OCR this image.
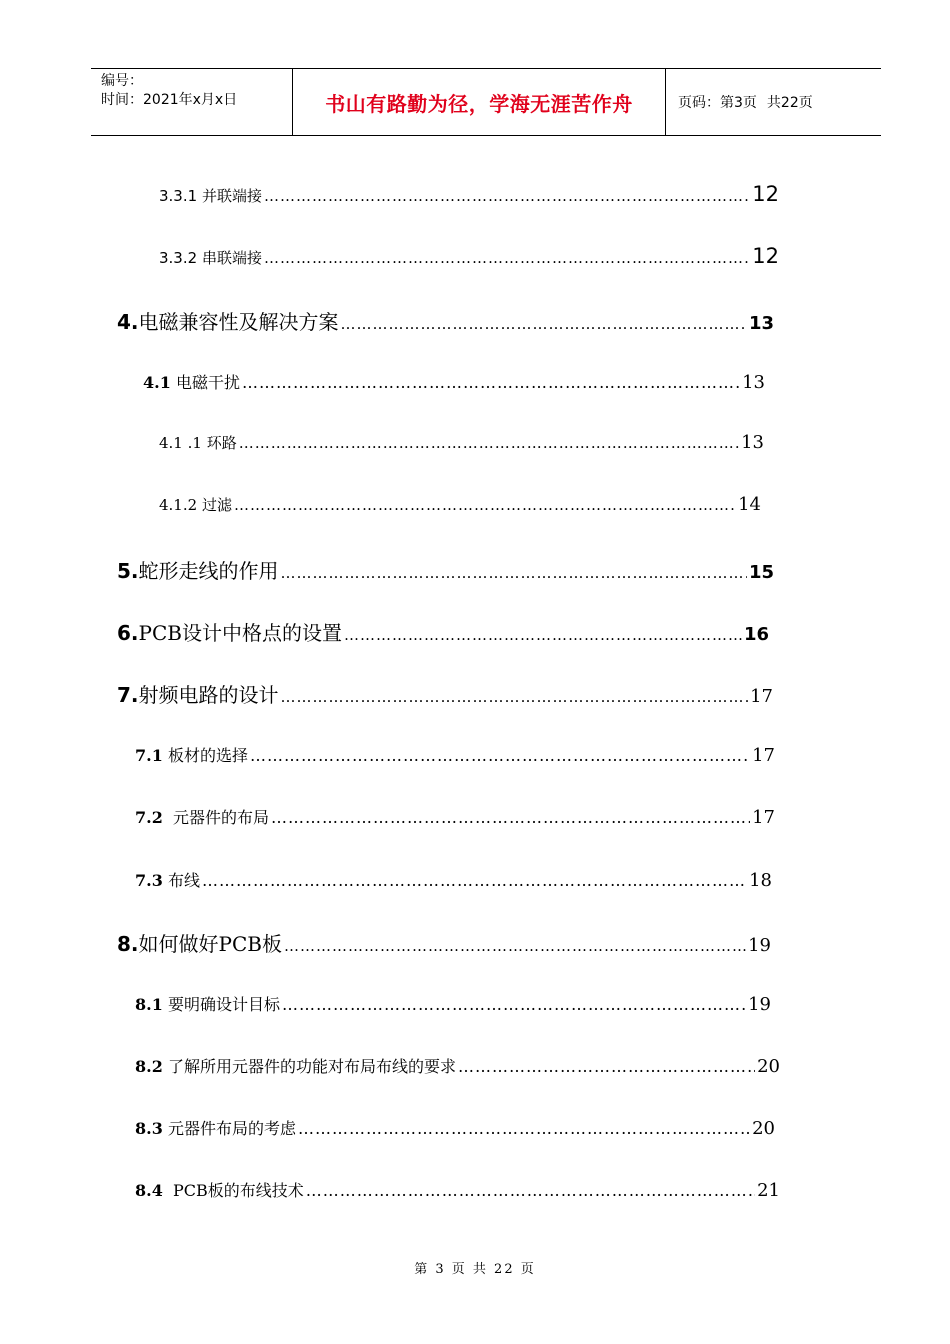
编号：
时间：2021年x月x日	书山有路勤为径，学海无涯苦作舟	页码：第3页 共22页
3.3.1 并联端接 ……………………………………………………………………………………………………………………………………………………………………………………	12
3.3.2 串联端接 ……………………………………………………………………………………………………………………………………………………………………………………	12
4.电磁兼容性及解决方案 ……………………………………………………………………………………………………………………………………………………………………………………	13
4.1 电磁干扰 ……………………………………………………………………………………………………………………………………………………………………………………	13
4.1 .1 环路 ……………………………………………………………………………………………………………………………………………………………………………………	13
4.1.2 过滤 ……………………………………………………………………………………………………………………………………………………………………………………	14
5.蛇形走线的作用 ……………………………………………………………………………………………………………………………………………………………………………………	15
6.PCB设计中格点的设置 ……………………………………………………………………………………………………………………………………………………………………………………	16
7.射频电路的设计 ……………………………………………………………………………………………………………………………………………………………………………………	17
7.1 板材的选择 ……………………………………………………………………………………………………………………………………………………………………………………	17
7.2 元器件的布局 ……………………………………………………………………………………………………………………………………………………………………………………	17
7.3 布线 ……………………………………………………………………………………………………………………………………………………………………………………	18
8.如何做好PCB板 ……………………………………………………………………………………………………………………………………………………………………………………	19
8.1 要明确设计目标 ……………………………………………………………………………………………………………………………………………………………………………………	19
8.2 了解所用元器件的功能对布局布线的要求 ……………………………………………………………………………………………………………………………………………………………………………………	20
8.3 元器件布局的考虑 ……………………………………………………………………………………………………………………………………………………………………………………	20
8.4 PCB板的布线技术 ……………………………………………………………………………………………………………………………………………………………………………………	21
第 3 页 共 22 页
